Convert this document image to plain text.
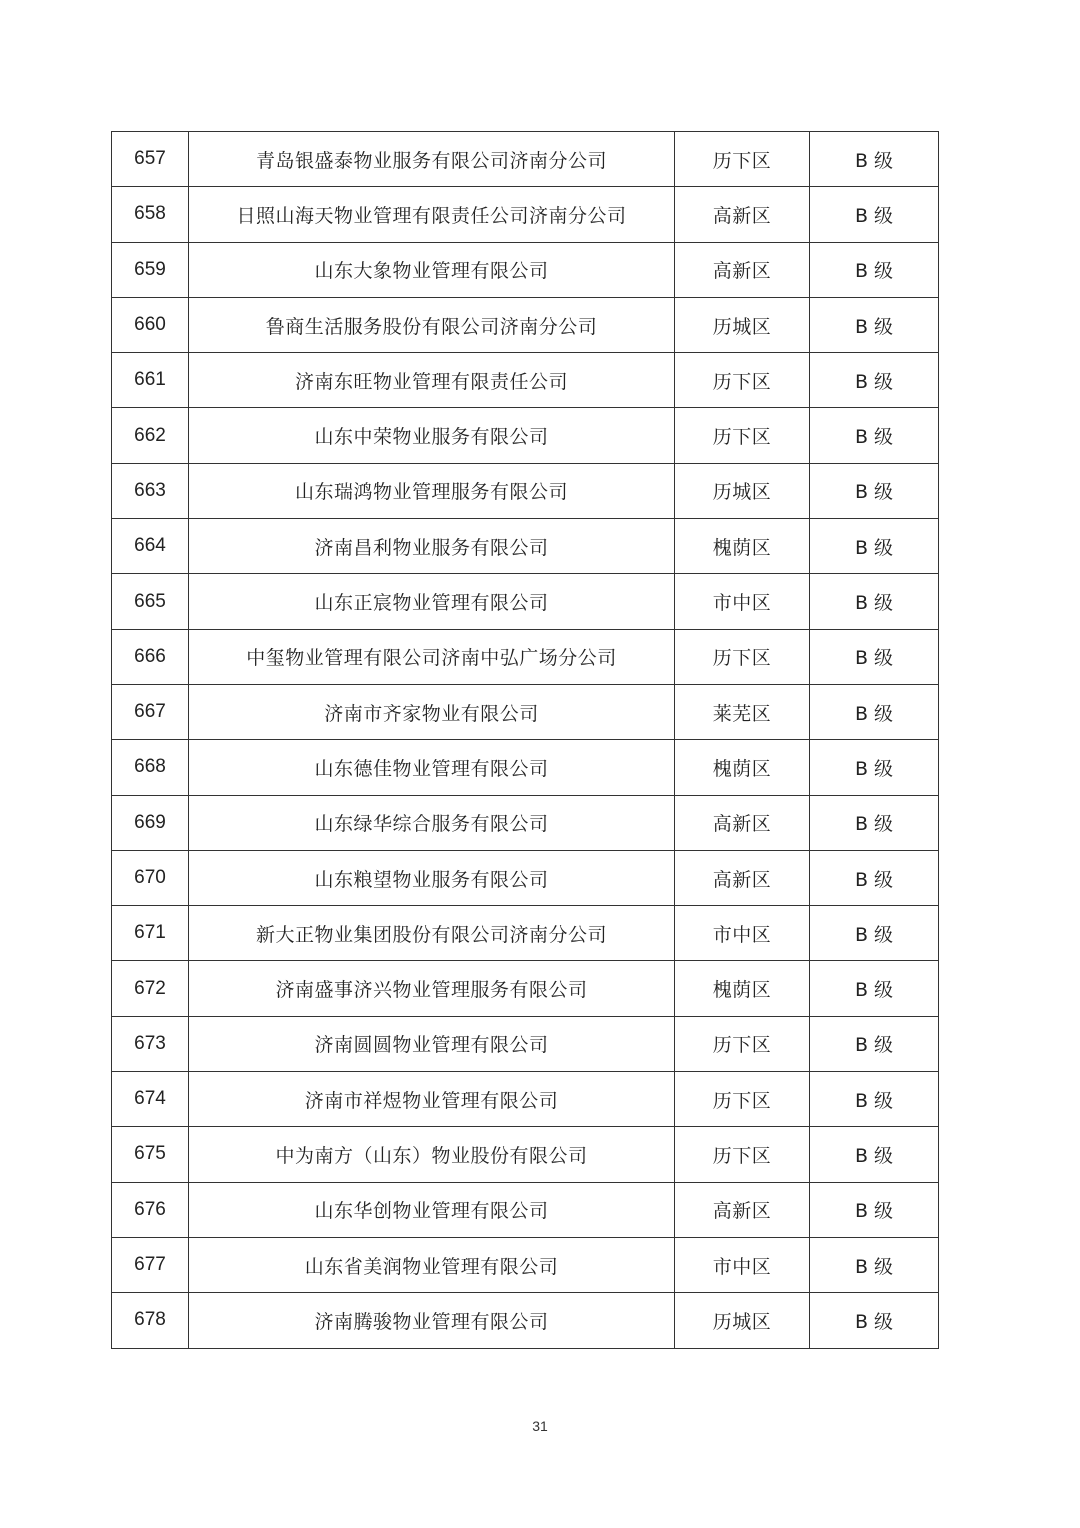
657	青岛银盛泰物业服务有限公司济南分公司	历下区	B 级
658	日照山海天物业管理有限责任公司济南分公司	高新区	B 级
659	山东大象物业管理有限公司	高新区	B 级
660	鲁商生活服务股份有限公司济南分公司	历城区	B 级
661	济南东旺物业管理有限责任公司	历下区	B 级
662	山东中荣物业服务有限公司	历下区	B 级
663	山东瑞鸿物业管理服务有限公司	历城区	B 级
664	济南昌利物业服务有限公司	槐荫区	B 级
665	山东正宸物业管理有限公司	市中区	B 级
666	中玺物业管理有限公司济南中弘广场分公司	历下区	B 级
667	济南市齐家物业有限公司	莱芜区	B 级
668	山东德佳物业管理有限公司	槐荫区	B 级
669	山东绿华综合服务有限公司	高新区	B 级
670	山东粮望物业服务有限公司	高新区	B 级
671	新大正物业集团股份有限公司济南分公司	市中区	B 级
672	济南盛事济兴物业管理服务有限公司	槐荫区	B 级
673	济南圆圆物业管理有限公司	历下区	B 级
674	济南市祥煜物业管理有限公司	历下区	B 级
675	中为南方（山东）物业股份有限公司	历下区	B 级
676	山东华创物业管理有限公司	高新区	B 级
677	山东省美润物业管理有限公司	市中区	B 级
678	济南腾骏物业管理有限公司	历城区	B 级
31
